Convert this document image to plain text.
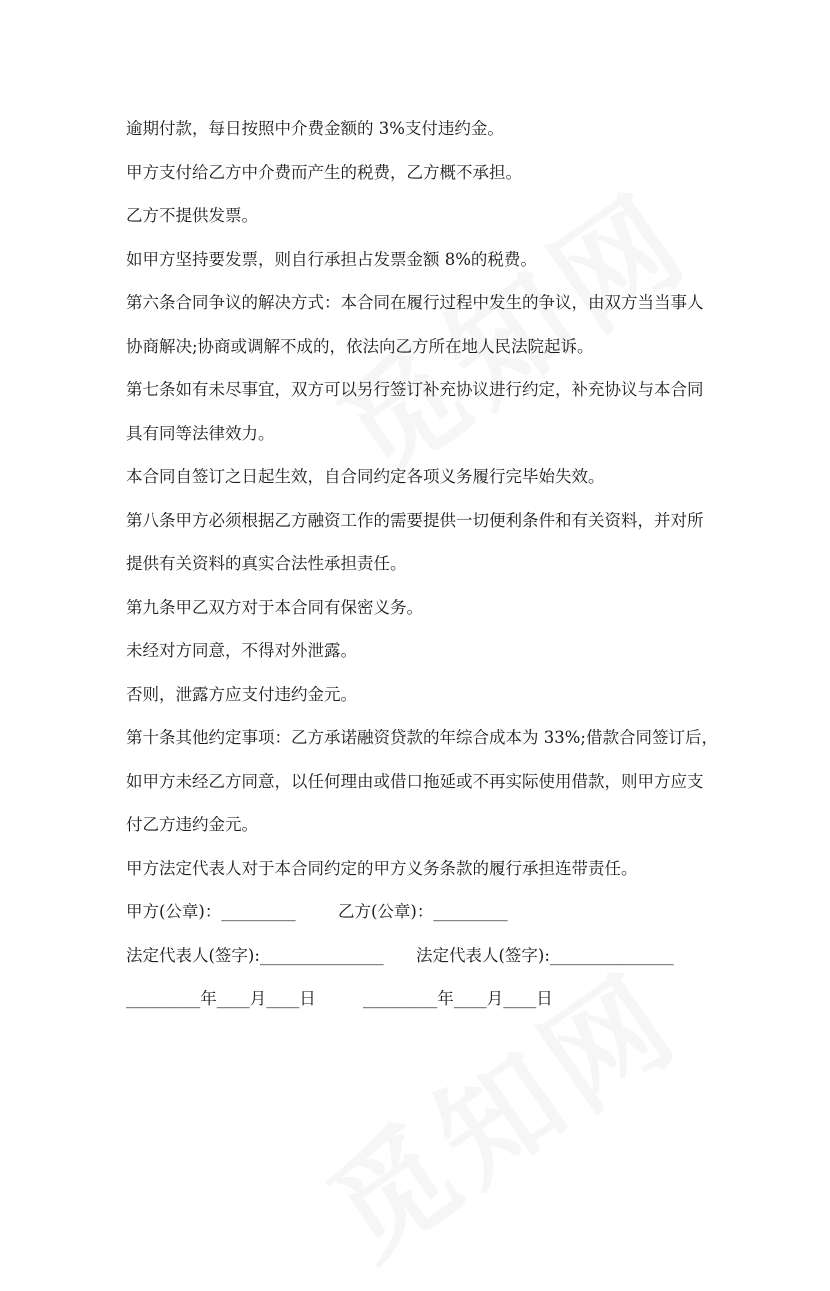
逾期付款，每日按照中介费金额的 3%支付违约金。

甲方支付给乙方中介费而产生的税费，乙方概不承担。

乙方不提供发票。

如甲方坚持要发票，则自行承担占发票金额 8%的税费。

第六条合同争议的解决方式：本合同在履行过程中发生的争议，由双方当当事人

协商解决;协商或调解不成的，依法向乙方所在地人民法院起诉。

第七条如有未尽事宜，双方可以另行签订补充协议进行约定，补充协议与本合同

具有同等法律效力。

本合同自签订之日起生效，自合同约定各项义务履行完毕始失效。

第八条甲方必须根据乙方融资工作的需要提供一切便利条件和有关资料，并对所

提供有关资料的真实合法性承担责任。

第九条甲乙双方对于本合同有保密义务。

未经对方同意，不得对外泄露。

否则，泄露方应支付违约金元。

第十条其他约定事项：乙方承诺融资贷款的年综合成本为 33%;借款合同签订后，

如甲方未经乙方同意，以任何理由或借口拖延或不再实际使用借款，则甲方应支

付乙方违约金元。

甲方法定代表人对于本合同约定的甲方义务条款的履行承担连带责任。

甲方(公章)：_________	乙方(公章)：_________
法定代表人(签字):_______________	法定代表人(签字):_______________
_________年____月____日	_________年____月____日
